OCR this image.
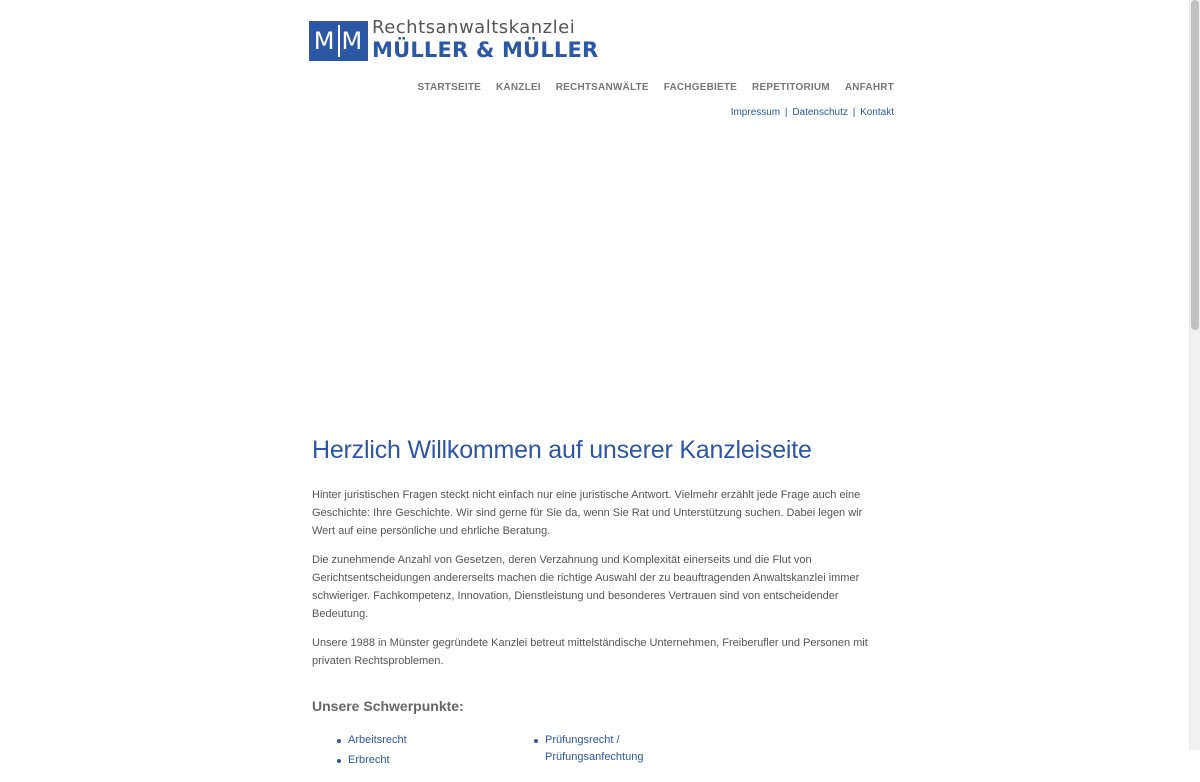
M M Rechtsanwaltskanzlei
MÜLLER & MÜLLER
STARTSEITE KANZLEI RECHTSANWÄLTE FACHGEBIETE REPETITORIUM ANFAHRT
Impressum | Datenschutz | Kontakt
Herzlich Willkommen auf unserer Kanzleiseite

Hinter juristischen Fragen steckt nicht einfach nur eine juristische Antwort. Vielmehr erzählt jede Frage auch eine Geschichte: Ihre Geschichte. Wir sind gerne für Sie da, wenn Sie Rat und Unterstützung suchen. Dabei legen wir Wert auf eine persönliche und ehrliche Beratung.

Die zunehmende Anzahl von Gesetzen, deren Verzahnung und Komplexität einerseits und die Flut von Gerichtsentscheidungen andererseits machen die richtige Auswahl der zu beauftragenden Anwaltskanzlei immer schwieriger. Fachkompetenz, Innovation, Dienstleistung und besonderes Vertrauen sind von entscheidender Bedeutung.

Unsere 1988 in Münster gegründete Kanzlei betreut mittelständische Unternehmen, Freiberufler und Personen mit privaten Rechtsproblemen.

Unsere Schwerpunkte:
Arbeitsrecht
Erbrecht
Prüfungsrecht / Prüfungsanfechtung
